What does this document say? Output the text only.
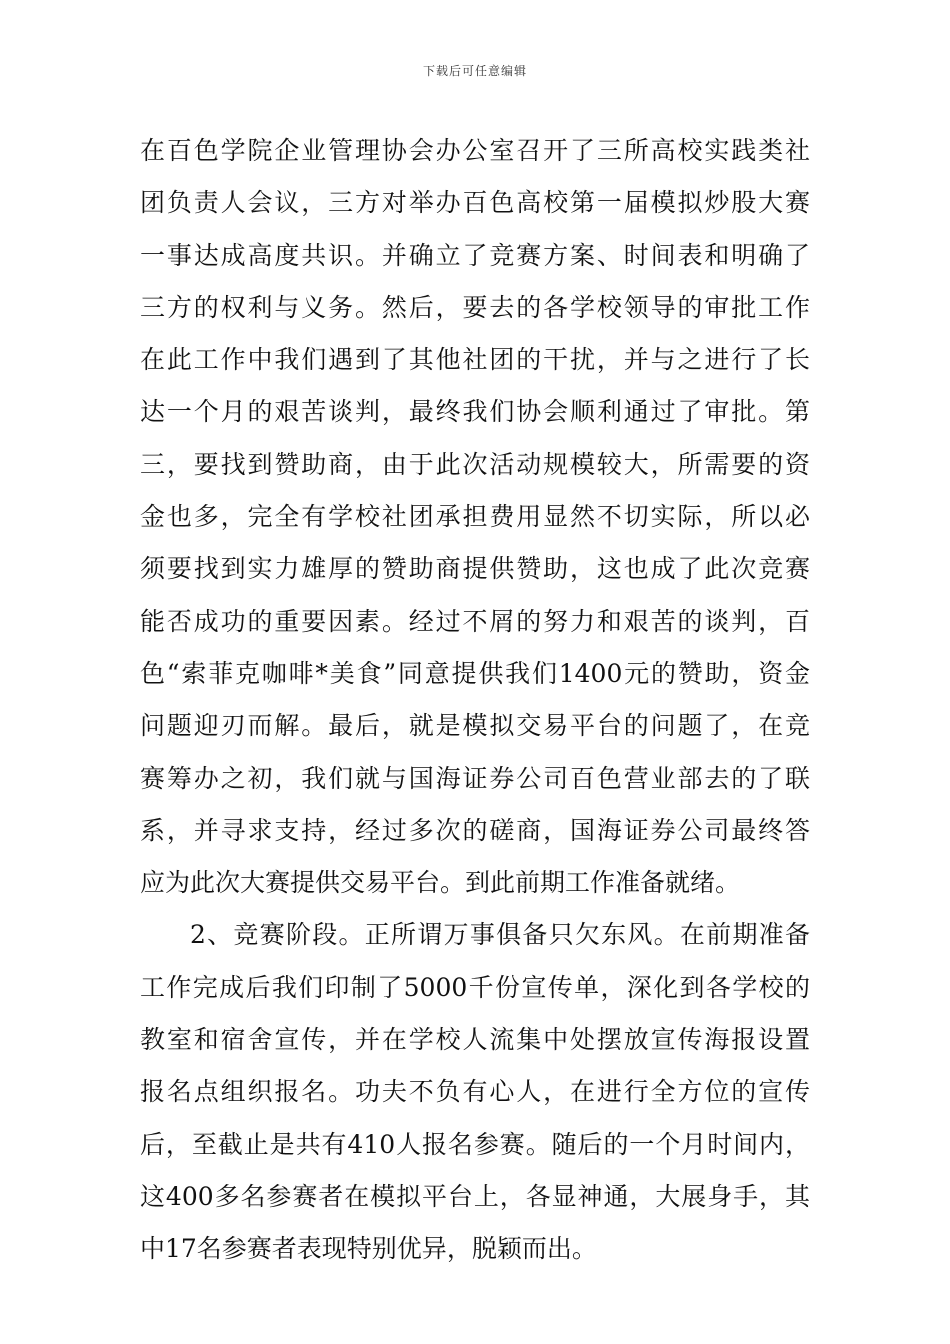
下载后可任意编辑
在百色学院企业管理协会办公室召开了三所高校实践类社
团负责人会议，三方对举办百色高校第一届模拟炒股大赛
一事达成高度共识。并确立了竞赛方案、时间表和明确了
三方的权利与义务。然后，要去的各学校领导的审批工作
在此工作中我们遇到了其他社团的干扰，并与之进行了长
达一个月的艰苦谈判，最终我们协会顺利通过了审批。第
三，要找到赞助商，由于此次活动规模较大，所需要的资
金也多，完全有学校社团承担费用显然不切实际，所以必
须要找到实力雄厚的赞助商提供赞助，这也成了此次竞赛
能否成功的重要因素。经过不屑的努力和艰苦的谈判，百
色“索菲克咖啡*美食”同意提供我们1400元的赞助，资金
问题迎刃而解。最后，就是模拟交易平台的问题了，在竞
赛筹办之初，我们就与国海证券公司百色营业部去的了联
系，并寻求支持，经过多次的磋商，国海证券公司最终答
应为此次大赛提供交易平台。到此前期工作准备就绪。
2、竞赛阶段。正所谓万事俱备只欠东风。在前期准备
工作完成后我们印制了5000千份宣传单，深化到各学校的
教室和宿舍宣传，并在学校人流集中处摆放宣传海报设置
报名点组织报名。功夫不负有心人，在进行全方位的宣传
后，至截止是共有410人报名参赛。随后的一个月时间内，
这400多名参赛者在模拟平台上，各显神通，大展身手，其
中17名参赛者表现特别优异，脱颖而出。
